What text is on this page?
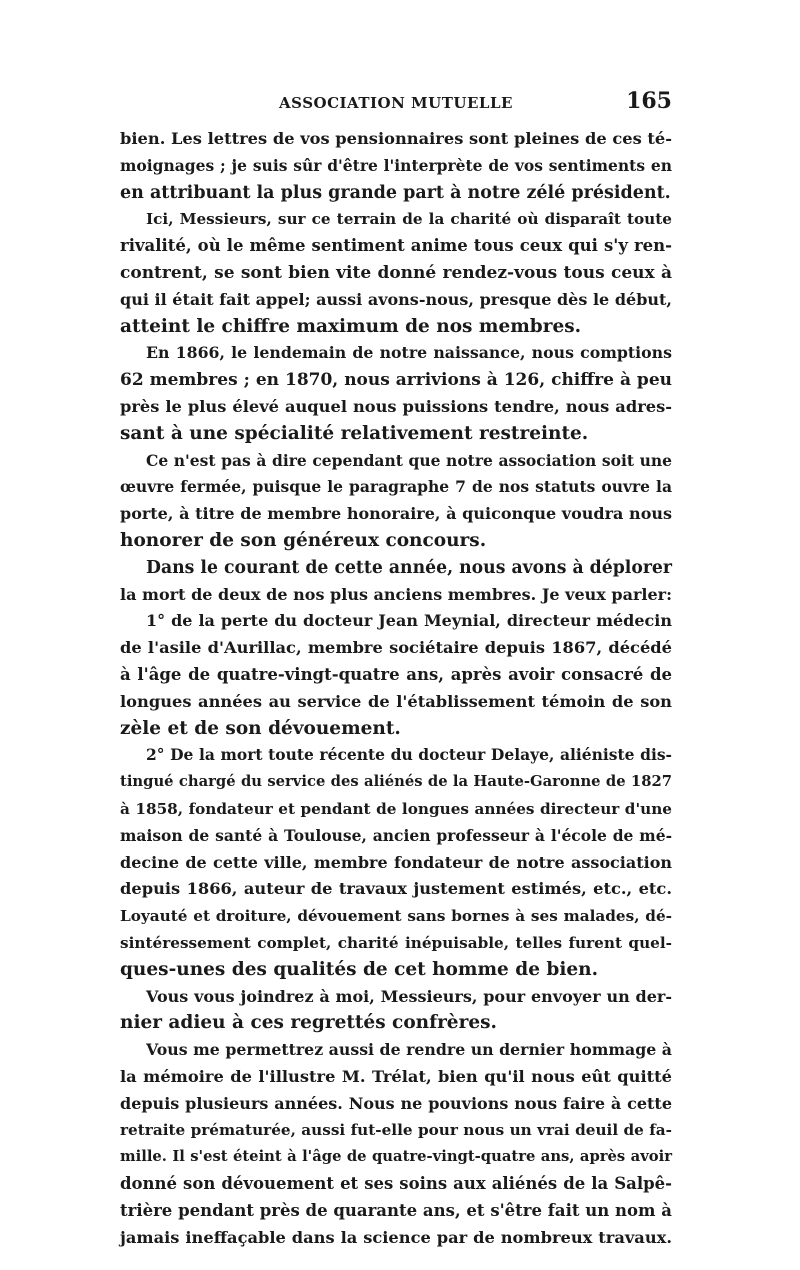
ASSOCIATION MUTUELLE	165
bien. Les lettres de vos pensionnaires sont pleines de ces té-
moignages ; je suis sûr d'être l'interprète de vos sentiments en
en attribuant la plus grande part à notre zélé président.
Ici, Messieurs, sur ce terrain de la charité où disparaît toute
rivalité, où le même sentiment anime tous ceux qui s'y ren-
contrent, se sont bien vite donné rendez-vous tous ceux à
qui il était fait appel; aussi avons-nous, presque dès le début,
atteint le chiffre maximum de nos membres.
En 1866, le lendemain de notre naissance, nous comptions
62 membres ; en 1870, nous arrivions à 126, chiffre à peu
près le plus élevé auquel nous puissions tendre, nous adres-
sant à une spécialité relativement restreinte.
Ce n'est pas à dire cependant que notre association soit une
œuvre fermée, puisque le paragraphe 7 de nos statuts ouvre la
porte, à titre de membre honoraire, à quiconque voudra nous
honorer de son généreux concours.
Dans le courant de cette année, nous avons à déplorer
la mort de deux de nos plus anciens membres. Je veux parler:
1° de la perte du docteur Jean Meynial, directeur médecin
de l'asile d'Aurillac, membre sociétaire depuis 1867, décédé
à l'âge de quatre-vingt-quatre ans, après avoir consacré de
longues années au service de l'établissement témoin de son
zèle et de son dévouement.
2° De la mort toute récente du docteur Delaye, aliéniste dis-
tingué chargé du service des aliénés de la Haute-Garonne de 1827
à 1858, fondateur et pendant de longues années directeur d'une
maison de santé à Toulouse, ancien professeur à l'école de mé-
decine de cette ville, membre fondateur de notre association
depuis 1866, auteur de travaux justement estimés, etc., etc.
Loyauté et droiture, dévouement sans bornes à ses malades, dé-
sintéressement complet, charité inépuisable, telles furent quel-
ques-unes des qualités de cet homme de bien.
Vous vous joindrez à moi, Messieurs, pour envoyer un der-
nier adieu à ces regrettés confrères.
Vous me permettrez aussi de rendre un dernier hommage à
la mémoire de l'illustre M. Trélat, bien qu'il nous eût quitté
depuis plusieurs années. Nous ne pouvions nous faire à cette
retraite prématurée, aussi fut-elle pour nous un vrai deuil de fa-
mille. Il s'est éteint à l'âge de quatre-vingt-quatre ans, après avoir
donné son dévouement et ses soins aux aliénés de la Salpê-
trière pendant près de quarante ans, et s'être fait un nom à
jamais ineffaçable dans la science par de nombreux travaux.
